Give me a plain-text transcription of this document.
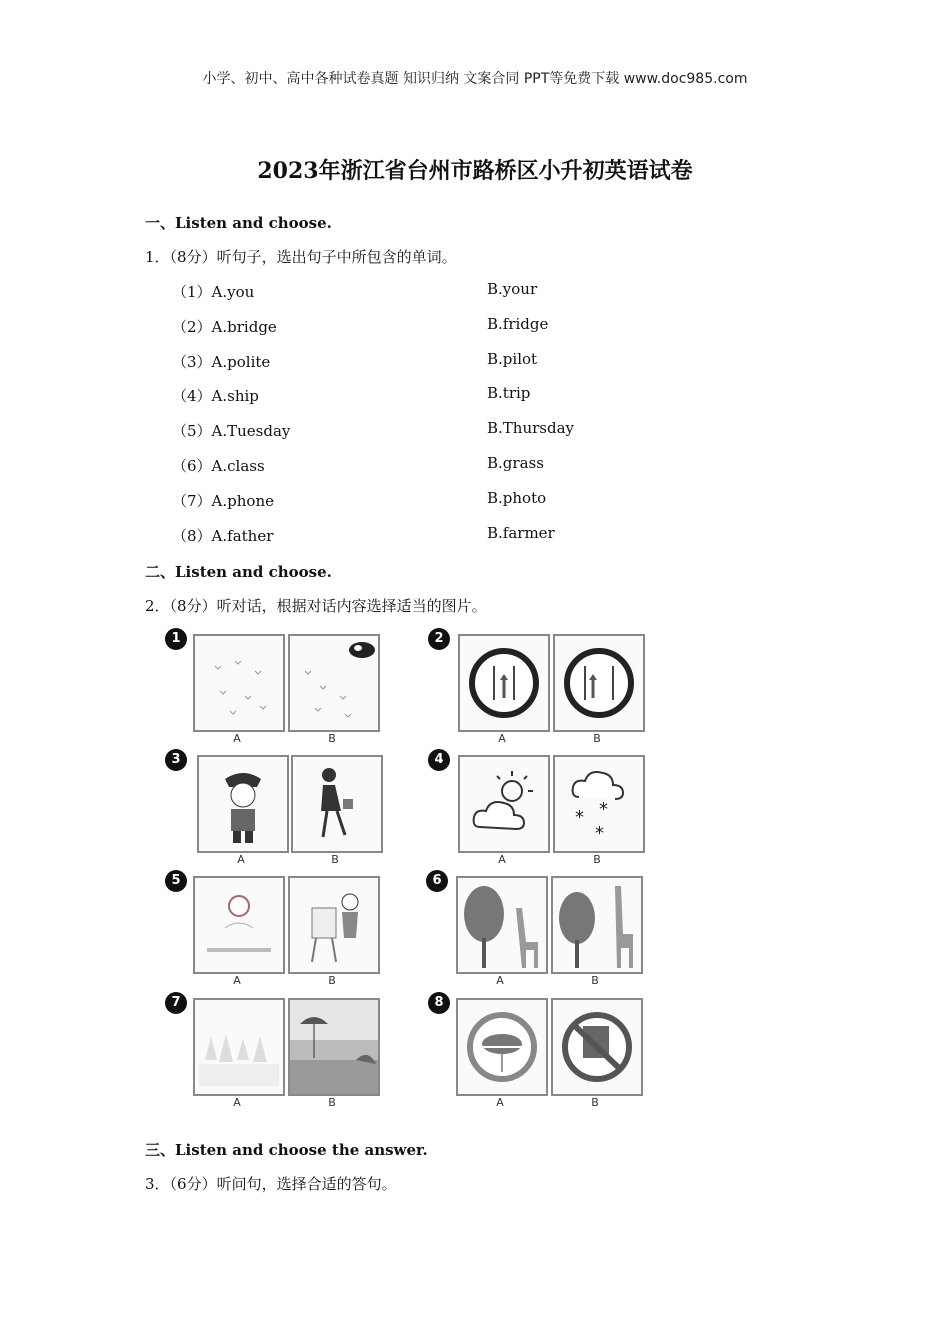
小学、初中、高中各种试卷真题 知识归纳 文案合同 PPT等免费下载 www.doc985.com
2023年浙江省台州市路桥区小升初英语试卷
一、Listen and choose.
1．（8分）听句子，选出句子中所包含的单词。
（1）A.you	B.your
（2）A.bridge	B.fridge
（3）A.polite	B.pilot
（4）A.ship	B.trip
（5）A.Tuesday	B.Thursday
（6）A.class	B.grass
（7）A.phone	B.photo
（8）A.father	B.farmer
二、Listen and choose.
2．（8分）听对话，根据对话内容选择适当的图片。
1
A	B
2
A	B
3
A	B
4
A
* *
*
B
5
A	B
6
A	B
7
A	B
8
A	B
三、Listen and choose the answer.
3．（6分）听问句，选择合适的答句。
